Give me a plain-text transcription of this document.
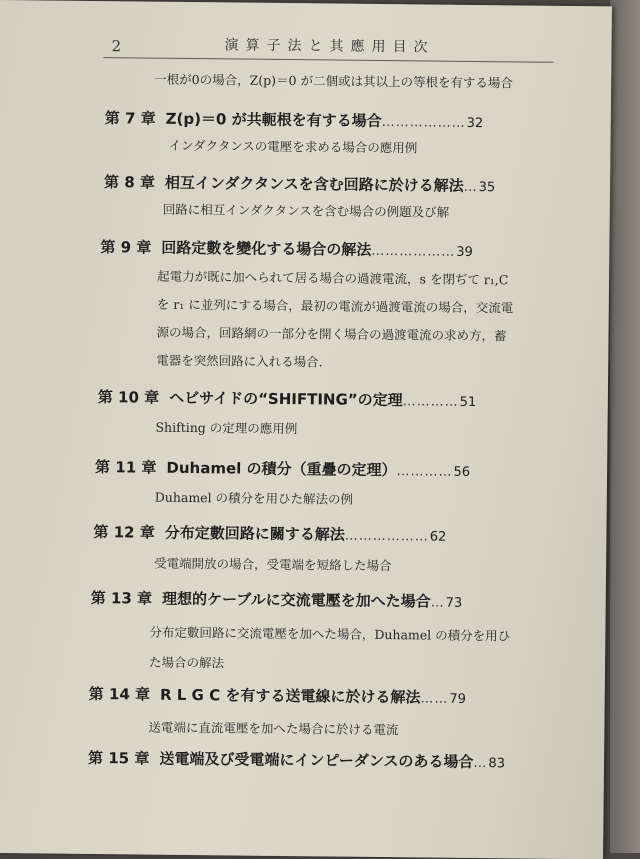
2	演算子法と其應用目次
一根が0の場合，Z(p)＝0 が二個或は其以上の等根を有する場合
第 7 章 Z(p)＝0 が共軛根を有する場合………………32
インダクタンスの電壓を求める場合の應用例
第 8 章 相互インダクタンスを含む回路に於ける解法…35
回路に相互インダクタンスを含む場合の例題及び解
第 9 章 回路定數を變化する場合の解法………………39
起電力が既に加へられて居る場合の過渡電流，s を閉ぢて r₁,C
を r₁ に並列にする場合，最初の電流が過渡電流の場合，交流電
源の場合，回路網の一部分を開く場合の過渡電流の求め方，蓄
電器を突然回路に入れる場合．
第 10 章 ヘビサイドの“SHIFTING”の定理…………51
Shifting の定理の應用例
第 11 章 Duhamel の積分（重疊の定理）…………56
Duhamel の積分を用ひた解法の例
第 12 章 分布定數回路に關する解法………………62
受電端開放の場合，受電端を短絡した場合
第 13 章 理想的ケーブルに交流電壓を加へた場合…73
分布定數回路に交流電壓を加へた場合，Duhamel の積分を用ひ
た場合の解法
第 14 章 R L G C を有する送電線に於ける解法……79
送電端に直流電壓を加へた場合に於ける電流
第 15 章 送電端及び受電端にインピーダンスのある場合…83
